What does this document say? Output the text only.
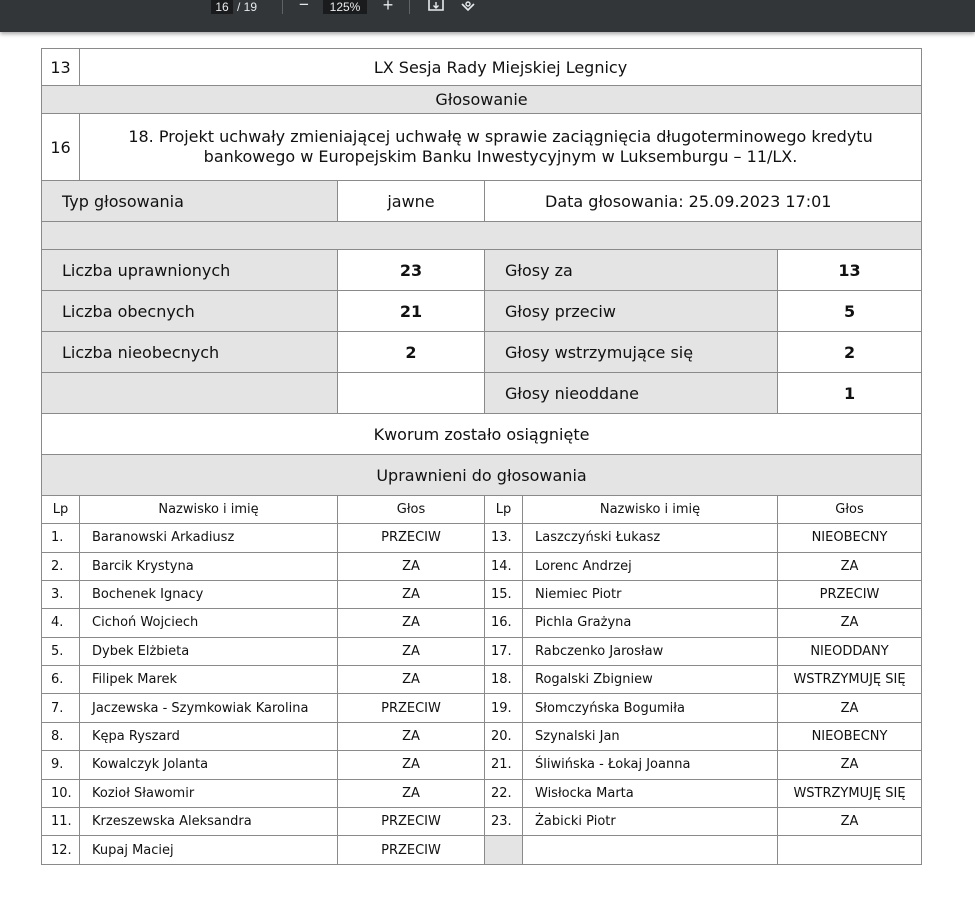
16 / 19 −	125%	+
13	LX Sesja Rady Miejskiej Legnicy				
Głosowanie					
16	18. Projekt uchwały zmieniającej uchwałę w sprawie zaciągnięcia długoterminowego kredytu bankowego w Europejskim Banku Inwestycyjnym w Luksemburgu – 11/LX.				
Typ głosowania		jawne	Data głosowania: 25.09.2023 17:01		

Liczba uprawnionych		23	Głosy za		13
Liczba obecnych		21	Głosy przeciw		5
Liczba nieobecnych		2	Głosy wstrzymujące się		2
			Głosy nieoddane		1
Kworum zostało osiągnięte					
Uprawnieni do głosowania					
Lp	Nazwisko i imię	Głos	Lp	Nazwisko i imię	Głos
1.	Baranowski Arkadiusz	PRZECIW	13.	Laszczyński Łukasz	NIEOBECNY
2.	Barcik Krystyna	ZA	14.	Lorenc Andrzej	ZA
3.	Bochenek Ignacy	ZA	15.	Niemiec Piotr	PRZECIW
4.	Cichoń Wojciech	ZA	16.	Pichla Grażyna	ZA
5.	Dybek Elżbieta	ZA	17.	Rabczenko Jarosław	NIEODDANY
6.	Filipek Marek	ZA	18.	Rogalski Zbigniew	WSTRZYMUJĘ SIĘ
7.	Jaczewska - Szymkowiak Karolina	PRZECIW	19.	Słomczyńska Bogumiła	ZA
8.	Kępa Ryszard	ZA	20.	Szynalski Jan	NIEOBECNY
9.	Kowalczyk Jolanta	ZA	21.	Śliwińska - Łokaj Joanna	ZA
10.	Kozioł Sławomir	ZA	22.	Wisłocka Marta	WSTRZYMUJĘ SIĘ
11.	Krzeszewska Aleksandra	PRZECIW	23.	Żabicki Piotr	ZA
12.	Kupaj Maciej	PRZECIW			
